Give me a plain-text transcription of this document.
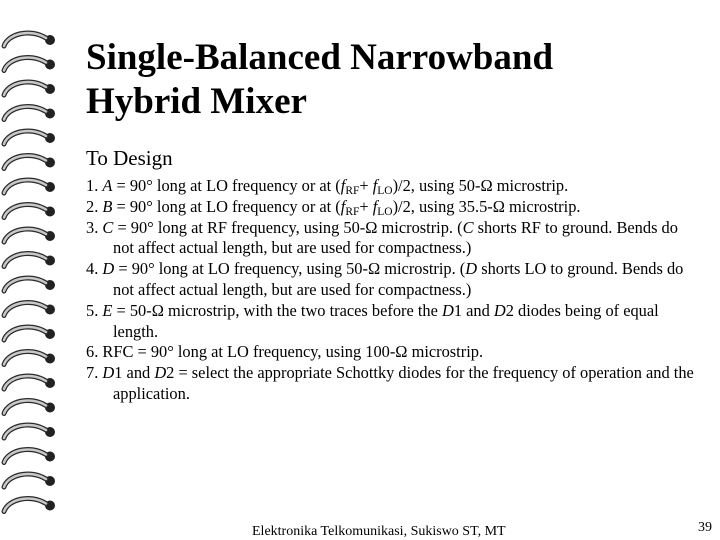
Single-Balanced Narrowband
Hybrid Mixer
To Design
1. A = 90° long at LO frequency or at $(f_{RF}+ f_{LO})/2$, using 50-Ω microstrip.
2. B = 90° long at LO frequency or at $(f_{RF}+ f_{LO})/2$, using 35.5-Ω microstrip.
3. C = 90° long at RF frequency, using 50-Ω microstrip. (C shorts RF to ground. Bends do not affect actual length, but are used for compactness.)
4. D = 90° long at LO frequency, using 50-Ω microstrip. (D shorts LO to ground. Bends do not affect actual length, but are used for compactness.)
5. E = 50-Ω microstrip, with the two traces before the D1 and D2 diodes being of equal length.
6. RFC = 90° long at LO frequency, using 100-Ω microstrip.
7. D1 and D2 = select the appropriate Schottky diodes for the frequency of operation and the application.
Elektronika Telkomunikasi, Sukiswo ST, MT	39
